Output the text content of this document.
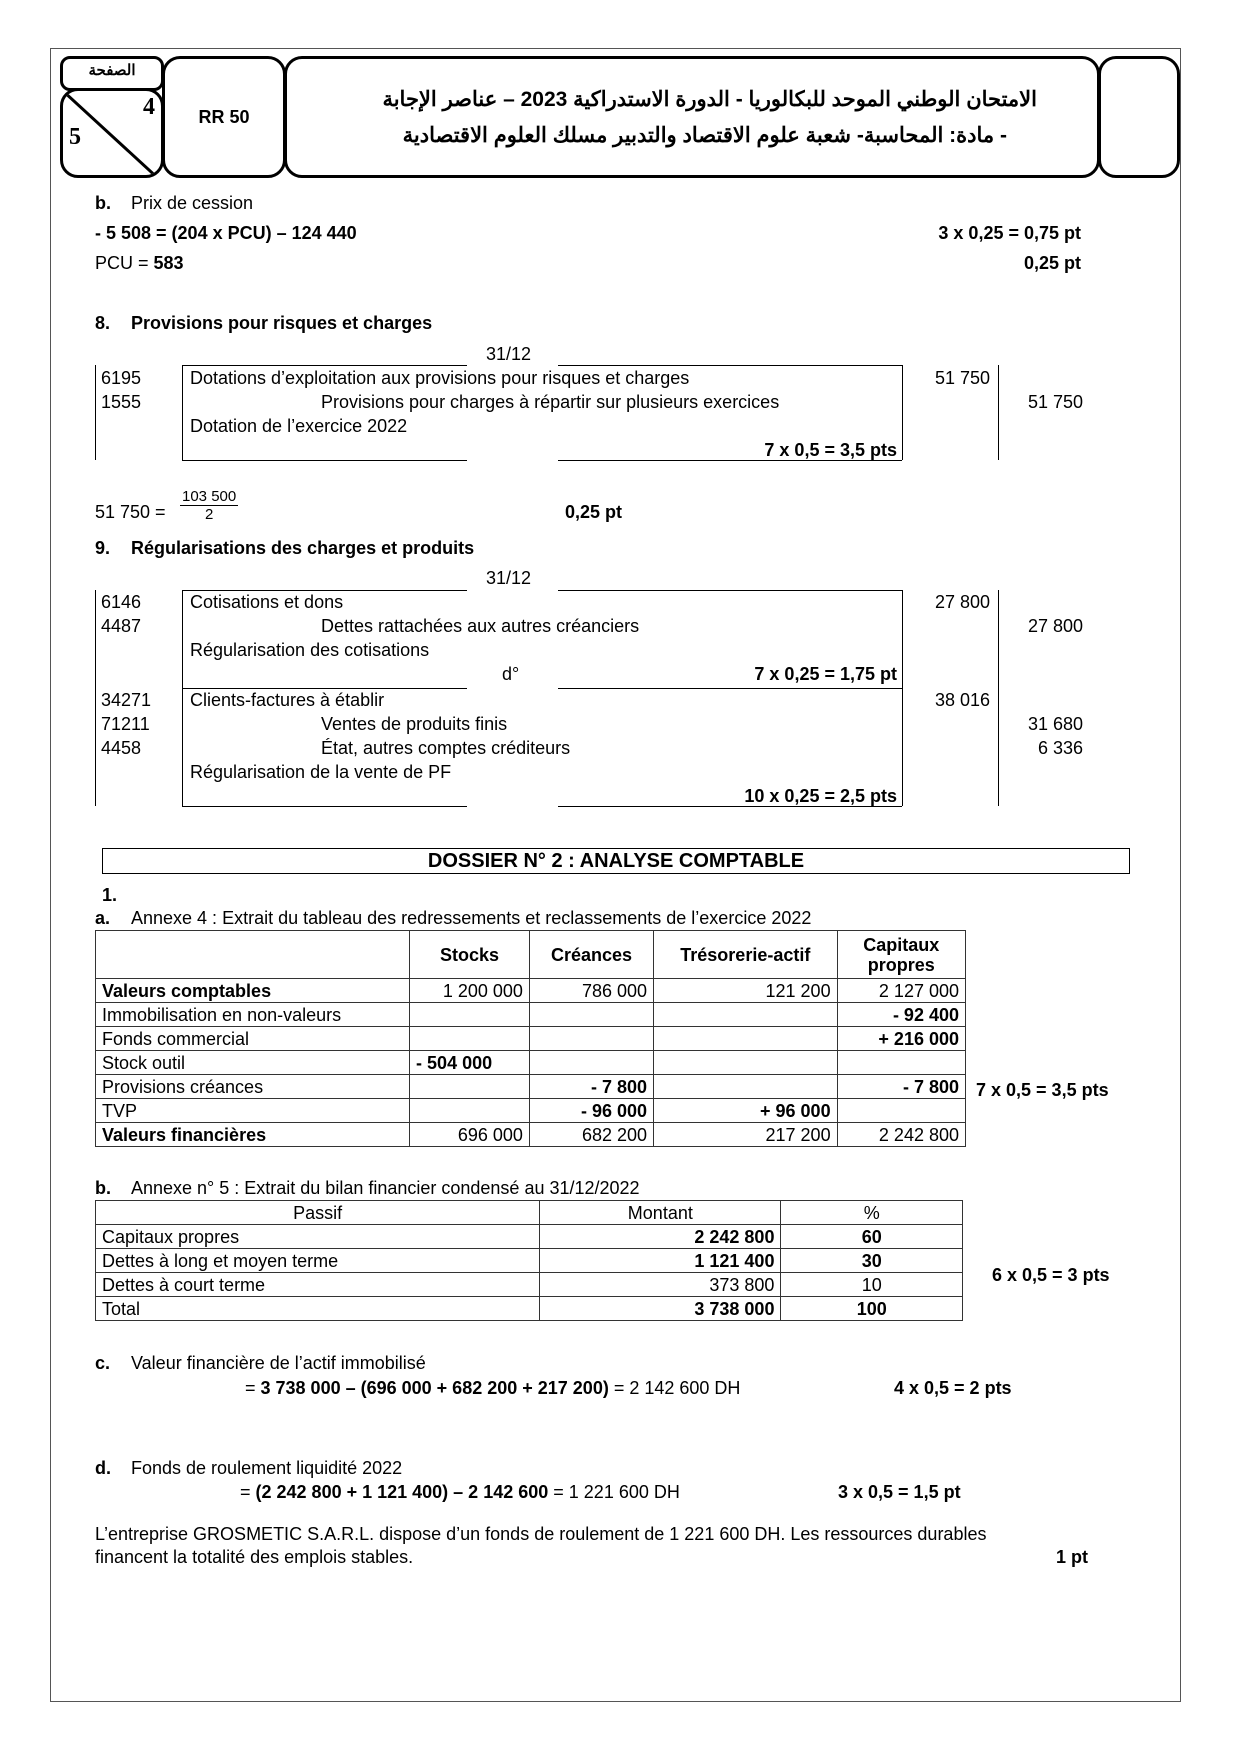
الصفحة
4
5
RR 50
الامتحان الوطني الموحد للبكالوريا - الدورة الاستدراكية 2023 – عناصر الإجابة
- مادة: المحاسبة- شعبة علوم الاقتصاد والتدبير مسلك العلوم الاقتصادية
b. Prix de cession
- 5 508 = (204 x PCU) – 124 440	3 x 0,25 = 0,75 pt
PCU = 583	0,25 pt
8. Provisions pour risques et charges
31/12
6195	Dotations d’exploitation aux provisions pour risques et charges	51 750
1555	Provisions pour charges à répartir sur plusieurs exercices	51 750
Dotation de l’exercice 2022
7 x 0,5 = 3,5 pts
51 $750 = \frac{103 500}{2}$	0,25 pt
9. Régularisations des charges et produits
31/12
6146	Cotisations et dons	27 800
4487	Dettes rattachées aux autres créanciers	27 800
Régularisation des cotisations
d°	7 x 0,25 = 1,75 pt
34271 Clients-factures à établir	38 016
71211	Ventes de produits finis	31 680
4458	État, autres comptes créditeurs	6 336
Régularisation de la vente de PF
10 x 0,25 = 2,5 pts
DOSSIER N° 2 : ANALYSE COMPTABLE
1.
a. Annexe 4 : Extrait du tableau des redressements et reclassements de l’exercice 2022
	Stocks	Créances	Trésorerie-actif	Capitaux propres
Valeurs comptables	1 200 000	786 000	121 200	2 127 000
Immobilisation en non-valeurs				- 92 400
Fonds commercial				+ 216 000
Stock outil	- 504 000			
Provisions créances		- 7 800		- 7 800
TVP		- 96 000	+ 96 000	
Valeurs financières	696 000	682 200	217 200	2 242 800
7 x 0,5 = 3,5 pts
b. Annexe n° 5 : Extrait du bilan financier condensé au 31/12/2022
Passif	Montant	%
Capitaux propres	2 242 800	60
Dettes à long et moyen terme	1 121 400	30
Dettes à court terme	373 800	10
Total	3 738 000	100
6 x 0,5 = 3 pts
c. Valeur financière de l’actif immobilisé
= 3 738 000 – (696 000 + 682 200 + 217 200) = 2 142 600 DH	4 x 0,5 = 2 pts
d. Fonds de roulement liquidité 2022
= (2 242 800 + 1 121 400) – 2 142 600 = 1 221 600 DH	3 x 0,5 = 1,5 pt
L’entreprise GROSMETIC S.A.R.L. dispose d’un fonds de roulement de 1 221 600 DH. Les ressources durables
financent la totalité des emplois stables.	1 pt
